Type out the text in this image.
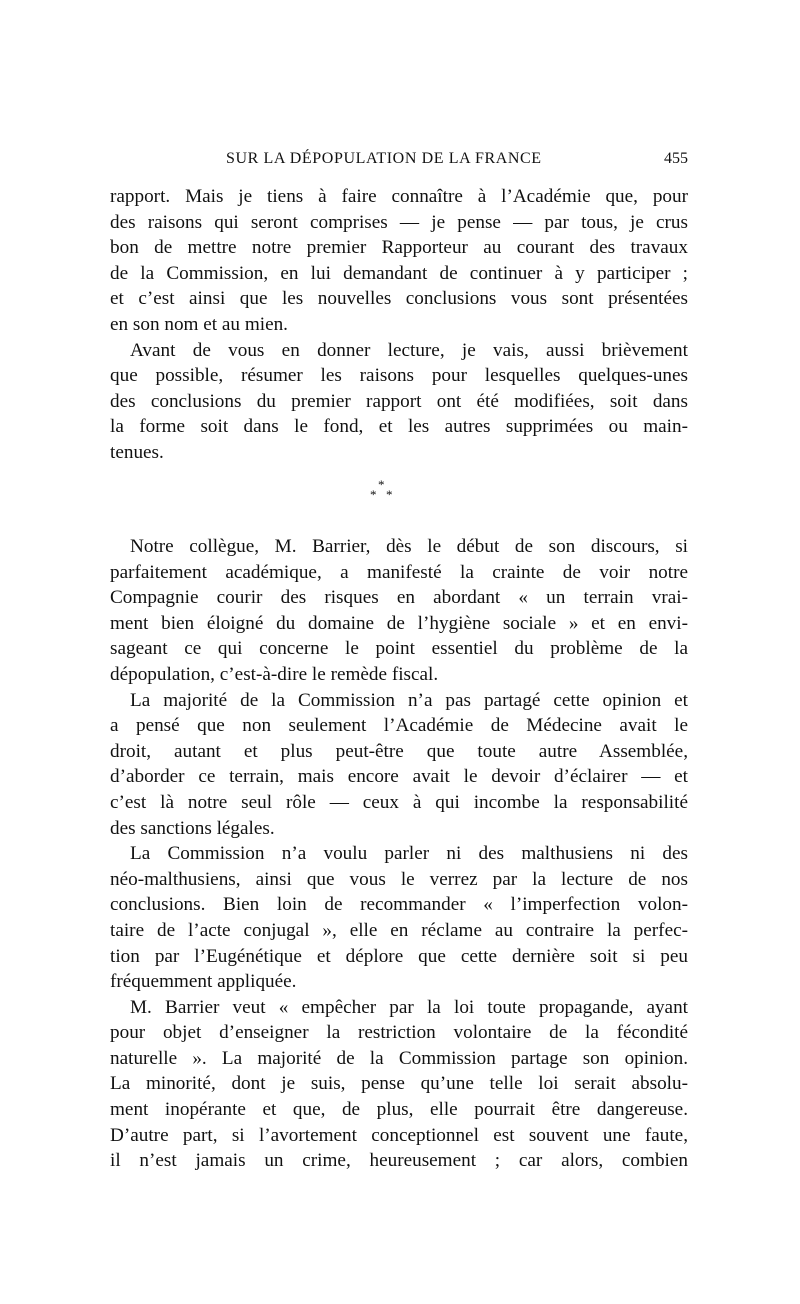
SUR LA DÉPOPULATION DE LA FRANCE	455
rapport. Mais je tiens à faire connaître à l’Académie que, pour
des raisons qui seront comprises — je pense — par tous, je crus
bon de mettre notre premier Rapporteur au courant des travaux
de la Commission, en lui demandant de continuer à y participer ;
et c’est ainsi que les nouvelles conclusions vous sont présentées
en son nom et au mien.
Avant de vous en donner lecture, je vais, aussi brièvement
que possible, résumer les raisons pour lesquelles quelques-unes
des conclusions du premier rapport ont été modifiées, soit dans
la forme soit dans le fond, et les autres supprimées ou main-
tenues.
*
* *
Notre collègue, M. Barrier, dès le début de son discours, si
parfaitement académique, a manifesté la crainte de voir notre
Compagnie courir des risques en abordant « un terrain vrai-
ment bien éloigné du domaine de l’hygiène sociale » et en envi-
sageant ce qui concerne le point essentiel du problème de la
dépopulation, c’est-à-dire le remède fiscal.
La majorité de la Commission n’a pas partagé cette opinion et
a pensé que non seulement l’Académie de Médecine avait le
droit, autant et plus peut-être que toute autre Assemblée,
d’aborder ce terrain, mais encore avait le devoir d’éclairer — et
c’est là notre seul rôle — ceux à qui incombe la responsabilité
des sanctions légales.
La Commission n’a voulu parler ni des malthusiens ni des
néo-malthusiens, ainsi que vous le verrez par la lecture de nos
conclusions. Bien loin de recommander « l’imperfection volon-
taire de l’acte conjugal », elle en réclame au contraire la perfec-
tion par l’Eugénétique et déplore que cette dernière soit si peu
fréquemment appliquée.
M. Barrier veut « empêcher par la loi toute propagande, ayant
pour objet d’enseigner la restriction volontaire de la fécondité
naturelle ». La majorité de la Commission partage son opinion.
La minorité, dont je suis, pense qu’une telle loi serait absolu-
ment inopérante et que, de plus, elle pourrait être dangereuse.
D’autre part, si l’avortement conceptionnel est souvent une faute,
il n’est jamais un crime, heureusement ; car alors, combien
